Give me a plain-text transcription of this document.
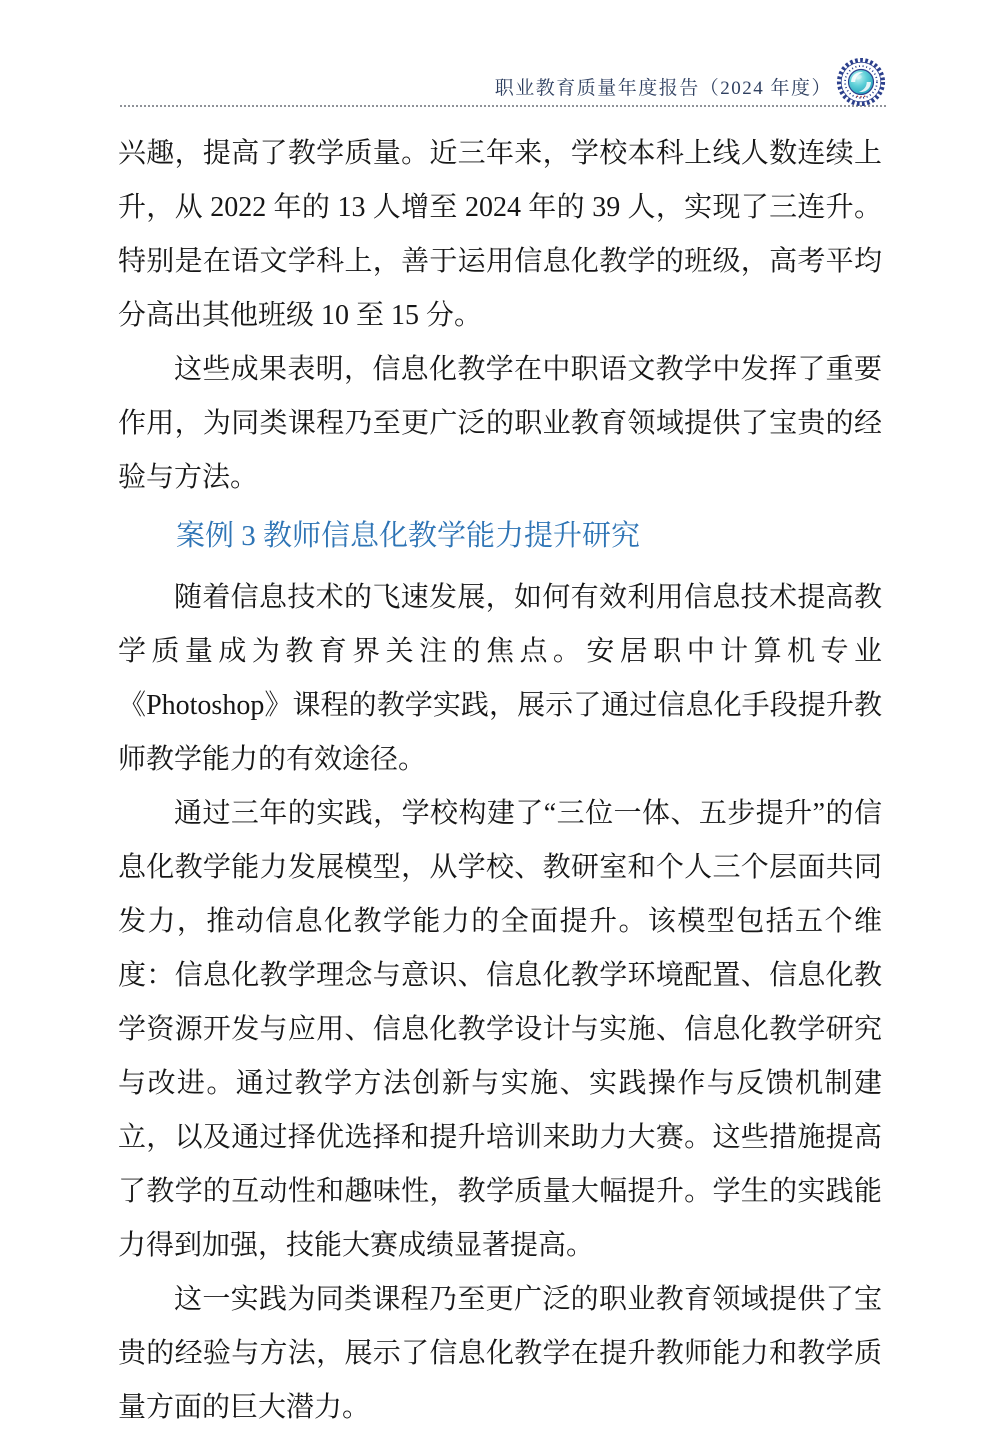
职业教育质量年度报告（2024 年度）

兴趣，提高了教学质量。近三年来，学校本科上线人数连续上升，从 2022 年的 13 人增至 2024 年的 39 人，实现了三连升。特别是在语文学科上，善于运用信息化教学的班级，高考平均分高出其他班级 10 至 15 分。

这些成果表明，信息化教学在中职语文教学中发挥了重要作用，为同类课程乃至更广泛的职业教育领域提供了宝贵的经验与方法。

案例 3 教师信息化教学能力提升研究

随着信息技术的飞速发展，如何有效利用信息技术提高教学质量成为教育界关注的焦点。安居职中计算机专业《Photoshop》课程的教学实践，展示了通过信息化手段提升教师教学能力的有效途径。

通过三年的实践，学校构建了“三位一体、五步提升”的信息化教学能力发展模型，从学校、教研室和个人三个层面共同发力，推动信息化教学能力的全面提升。该模型包括五个维度：信息化教学理念与意识、信息化教学环境配置、信息化教学资源开发与应用、信息化教学设计与实施、信息化教学研究与改进。通过教学方法创新与实施、实践操作与反馈机制建立，以及通过择优选择和提升培训来助力大赛。这些措施提高了教学的互动性和趣味性，教学质量大幅提升。学生的实践能力得到加强，技能大赛成绩显著提高。

这一实践为同类课程乃至更广泛的职业教育领域提供了宝贵的经验与方法，展示了信息化教学在提升教师能力和教学质量方面的巨大潜力。
